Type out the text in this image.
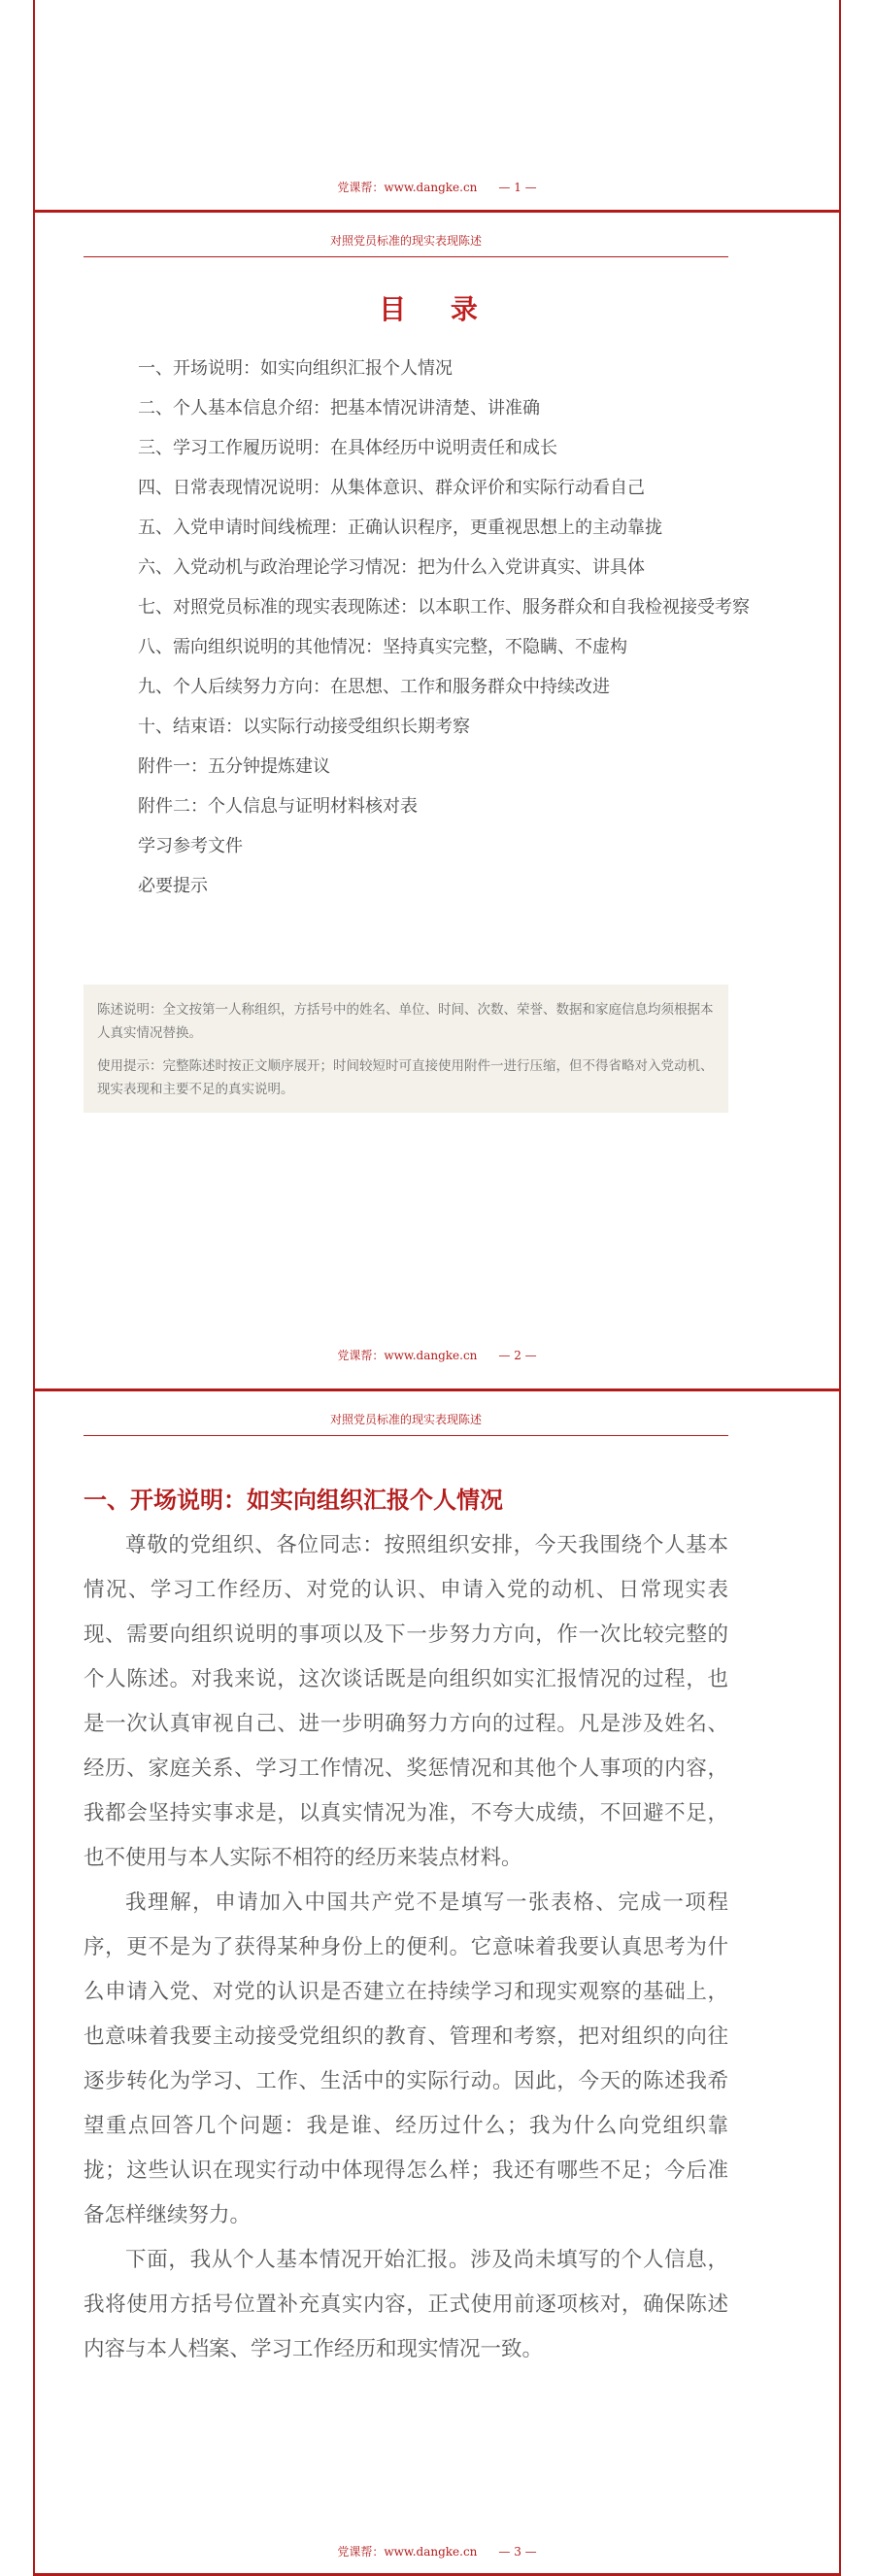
党课帮：www.dangke.cn — 1 —
对照党员标准的现实表现陈述
目 录
一、开场说明：如实向组织汇报个人情况
二、个人基本信息介绍：把基本情况讲清楚、讲准确
三、学习工作履历说明：在具体经历中说明责任和成长
四、日常表现情况说明：从集体意识、群众评价和实际行动看自己
五、入党申请时间线梳理：正确认识程序，更重视思想上的主动靠拢
六、入党动机与政治理论学习情况：把为什么入党讲真实、讲具体
七、对照党员标准的现实表现陈述：以本职工作、服务群众和自我检视接受考察
八、需向组织说明的其他情况：坚持真实完整，不隐瞒、不虚构
九、个人后续努力方向：在思想、工作和服务群众中持续改进
十、结束语：以实际行动接受组织长期考察
附件一：五分钟提炼建议
附件二：个人信息与证明材料核对表
学习参考文件
必要提示

陈述说明：全文按第一人称组织，方括号中的姓名、单位、时间、次数、荣誉、数据和家庭信息均须根据本人真实情况替换。

使用提示：完整陈述时按正文顺序展开；时间较短时可直接使用附件一进行压缩，但不得省略对入党动机、现实表现和主要不足的真实说明。

党课帮：www.dangke.cn — 2 —
对照党员标准的现实表现陈述
一、开场说明：如实向组织汇报个人情况

尊敬的党组织、各位同志：按照组织安排，今天我围绕个人基本情况、学习工作经历、对党的认识、申请入党的动机、日常现实表现、需要向组织说明的事项以及下一步努力方向，作一次比较完整的个人陈述。对我来说，这次谈话既是向组织如实汇报情况的过程，也是一次认真审视自己、进一步明确努力方向的过程。凡是涉及姓名、经历、家庭关系、学习工作情况、奖惩情况和其他个人事项的内容，我都会坚持实事求是，以真实情况为准，不夸大成绩，不回避不足，也不使用与本人实际不相符的经历来装点材料。

我理解，申请加入中国共产党不是填写一张表格、完成一项程序，更不是为了获得某种身份上的便利。它意味着我要认真思考为什么申请入党、对党的认识是否建立在持续学习和现实观察的基础上，也意味着我要主动接受党组织的教育、管理和考察，把对组织的向往逐步转化为学习、工作、生活中的实际行动。因此，今天的陈述我希望重点回答几个问题：我是谁、经历过什么；我为什么向党组织靠拢；这些认识在现实行动中体现得怎么样；我还有哪些不足；今后准备怎样继续努力。

下面，我从个人基本情况开始汇报。涉及尚未填写的个人信息，我将使用方括号位置补充真实内容，正式使用前逐项核对，确保陈述内容与本人档案、学习工作经历和现实情况一致。

党课帮：www.dangke.cn — 3 —
